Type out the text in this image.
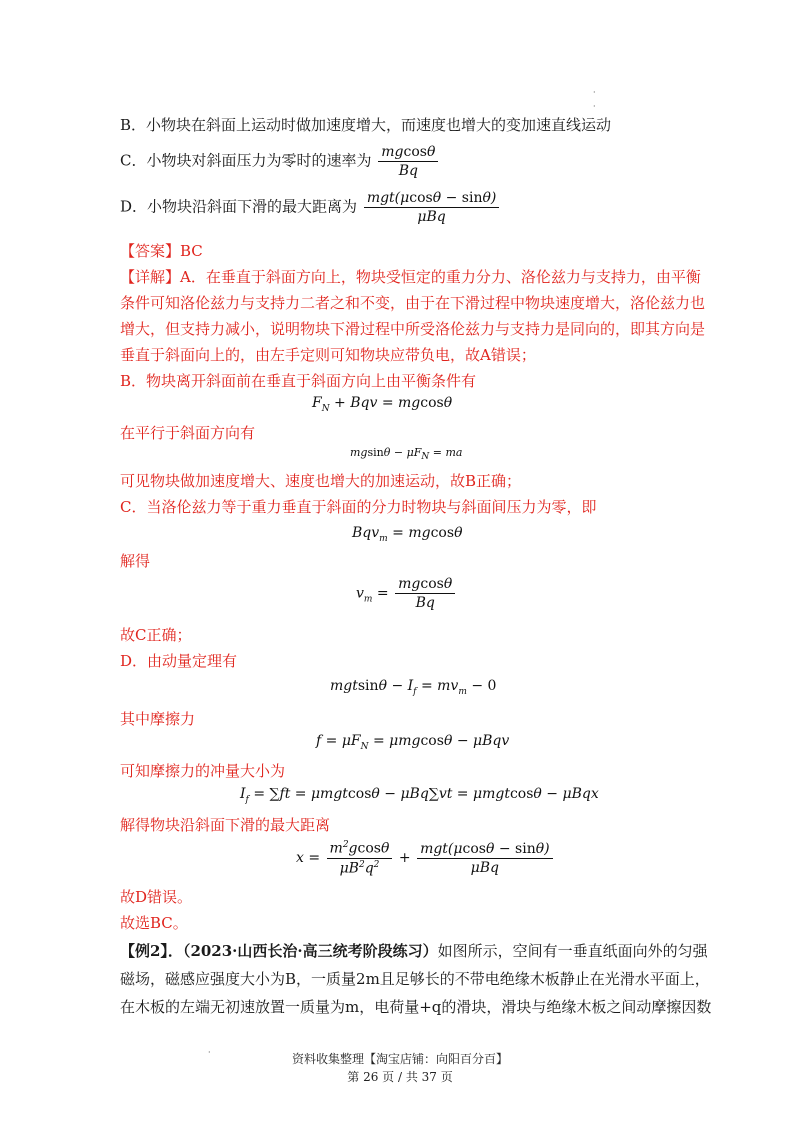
·
·
B．小物块在斜面上运动时做加速度增大，而速度也增大的变加速直线运动
C．小物块对斜面压力为零时的速率为 $\frac{mgcos\theta}{Bq}$
D．小物块沿斜面下滑的最大距离为 $\frac{\text{mgt(μcosθ − sinθ)}}{\text{μBq}}$
【答案】BC
【详解】A．在垂直于斜面方向上，物块受恒定的重力分力、洛伦兹力与支持力，由平衡
条件可知洛伦兹力与支持力二者之和不变，由于在下滑过程中物块速度增大，洛伦兹力也
增大，但支持力减小，说明物块下滑过程中所受洛伦兹力与支持力是同向的，即其方向是
垂直于斜面向上的，由左手定则可知物块应带负电，故A错误；
B．物块离开斜面前在垂直于斜面方向上由平衡条件有
$F_N$ + Bqv = mgcosθ
在平行于斜面方向有
$mgsin\theta - \mu F_N$ = ma
可见物块做加速度增大、速度也增大的加速运动，故B正确；
C．当洛伦兹力等于重力垂直于斜面的分力时物块与斜面间压力为零，即
Bqv$_m$ = mgcosθ
解得
$v_m = \frac{mgcos\theta}{Bq}$
故C正确；
D．由动量定理有
$mgtsin\theta - I_f = mv_m - 0$
其中摩擦力
$f = \mu F_N = \mu mgcos\theta - \mu Bqv$
可知摩擦力的冲量大小为
$I_f = \sum ft = \mu mgtcos\theta - \mu Bq\sum vt = \mu mgtcos\theta - \mu Bqx$
解得物块沿斜面下滑的最大距离
$x = \frac{m^2gcos\theta}{\mu B^2q^2} + \frac{\text{mgt(μcosθ − sinθ)}}{\text{μBq}}$
故D错误。
故选BC。
【例2】．（2023·山西长治·高三统考阶段练习）如图所示，空间有一垂直纸面向外的匀强
磁场，磁感应强度大小为B，一质量2m且足够长的不带电绝缘木板静止在光滑水平面上，
在木板的左端无初速放置一质量为m，电荷量+q的滑块，滑块与绝缘木板之间动摩擦因数
·	资料收集整理【淘宝店铺：向阳百分百】
第 26 页 / 共 37 页
